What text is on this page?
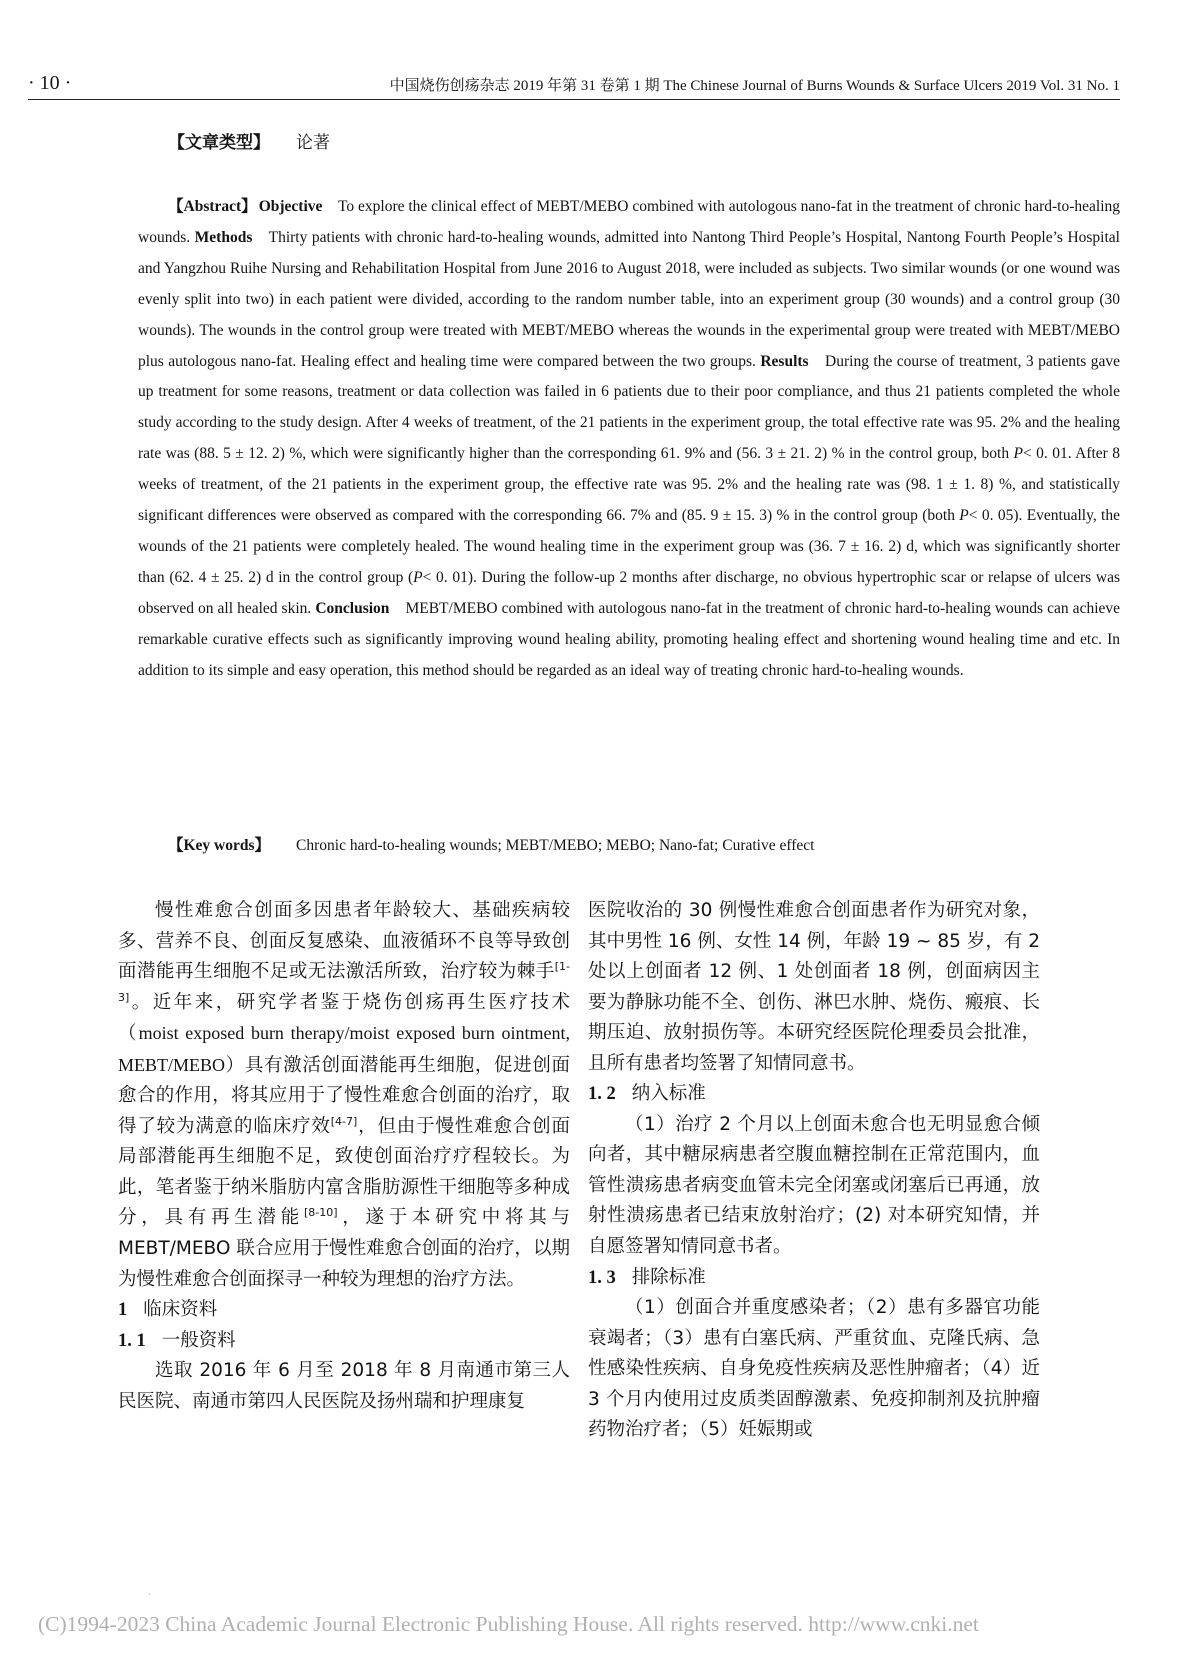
· 10 ·	中国烧伤创疡杂志 2019 年第 31 卷第 1 期 The Chinese Journal of Burns Wounds & Surface Ulcers 2019 Vol. 31 No. 1
【文章类型】 论著

【Abstract】 Objective To explore the clinical effect of MEBT/MEBO combined with autologous nano-fat in the treatment of chronic hard-to-healing wounds. Methods Thirty patients with chronic hard-to-healing wounds, admitted into Nantong Third People’s Hospital, Nantong Fourth People’s Hospital and Yangzhou Ruihe Nursing and Rehabilitation Hospital from June 2016 to August 2018, were included as subjects. Two similar wounds (or one wound was evenly split into two) in each patient were divided, according to the random number table, into an experiment group (30 wounds) and a control group (30 wounds). The wounds in the control group were treated with MEBT/MEBO whereas the wounds in the experimental group were treated with MEBT/MEBO plus autologous nano-fat. Healing effect and healing time were compared between the two groups. Results During the course of treatment, 3 patients gave up treatment for some reasons, treatment or data collection was failed in 6 patients due to their poor compliance, and thus 21 patients completed the whole study according to the study design. After 4 weeks of treatment, of the 21 patients in the experiment group, the total effective rate was 95. 2% and the healing rate was (88. 5 ± 12. 2) %, which were significantly higher than the corresponding 61. 9% and (56. 3 ± 21. 2) % in the control group, both P< 0. 01. After 8 weeks of treatment, of the 21 patients in the experiment group, the effective rate was 95. 2% and the healing rate was (98. 1 ± 1. 8) %, and statistically significant differences were observed as compared with the corresponding 66. 7% and (85. 9 ± 15. 3) % in the control group (both P< 0. 05). Eventually, the wounds of the 21 patients were completely healed. The wound healing time in the experiment group was (36. 7 ± 16. 2) d, which was significantly shorter than (62. 4 ± 25. 2) d in the control group (P< 0. 01). During the follow-up 2 months after discharge, no obvious hypertrophic scar or relapse of ulcers was observed on all healed skin. Conclusion MEBT/MEBO combined with autologous nano-fat in the treatment of chronic hard-to-healing wounds can achieve remarkable curative effects such as significantly improving wound healing ability, promoting healing effect and shortening wound healing time and etc. In addition to its simple and easy operation, this method should be regarded as an ideal way of treating chronic hard-to-healing wounds.

【Key words】 Chronic hard-to-healing wounds; MEBT/MEBO; MEBO; Nano-fat; Curative effect

慢性难愈合创面多因患者年龄较大、基础疾病较多、营养不良、创面反复感染、血液循环不良等导致创面潜能再生细胞不足或无法激活所致，治疗较为棘手[1-3]。近年来，研究学者鉴于烧伤创疡再生医疗技术（moist exposed burn therapy/moist exposed burn ointment, MEBT/MEBO）具有激活创面潜能再生细胞，促进创面愈合的作用，将其应用于了慢性难愈合创面的治疗，取得了较为满意的临床疗效[4-7]，但由于慢性难愈合创面局部潜能再生细胞不足，致使创面治疗疗程较长。为此，笔者鉴于纳米脂肪内富含脂肪源性干细胞等多种成分，具有再生潜能[8-10]，遂于本研究中将其与 MEBT/MEBO 联合应用于慢性难愈合创面的治疗，以期为慢性难愈合创面探寻一种较为理想的治疗方法。

1 临床资料

1. 1 一般资料

选取 2016 年 6 月至 2018 年 8 月南通市第三人民医院、南通市第四人民医院及扬州瑞和护理康复

医院收治的 30 例慢性难愈合创面患者作为研究对象，其中男性 16 例、女性 14 例，年龄 19 ~ 85 岁，有 2 处以上创面者 12 例、1 处创面者 18 例，创面病因主要为静脉功能不全、创伤、淋巴水肿、烧伤、瘢痕、长期压迫、放射损伤等。本研究经医院伦理委员会批准，且所有患者均签署了知情同意书。

1. 2 纳入标准

（1）治疗 2 个月以上创面未愈合也无明显愈合倾向者，其中糖尿病患者空腹血糖控制在正常范围内，血管性溃疡患者病变血管未完全闭塞或闭塞后已再通，放射性溃疡患者已结束放射治疗；(2) 对本研究知情，并自愿签署知情同意书者。

1. 3 排除标准

（1）创面合并重度感染者；（2）患有多器官功能衰竭者；（3）患有白塞氏病、严重贫血、克隆氏病、急性感染性疾病、自身免疫性疾病及恶性肿瘤者；（4）近 3 个月内使用过皮质类固醇激素、免疫抑制剂及抗肿瘤药物治疗者；（5）妊娠期或

·
(C)1994-2023 China Academic Journal Electronic Publishing House. All rights reserved. http://www.cnki.net
